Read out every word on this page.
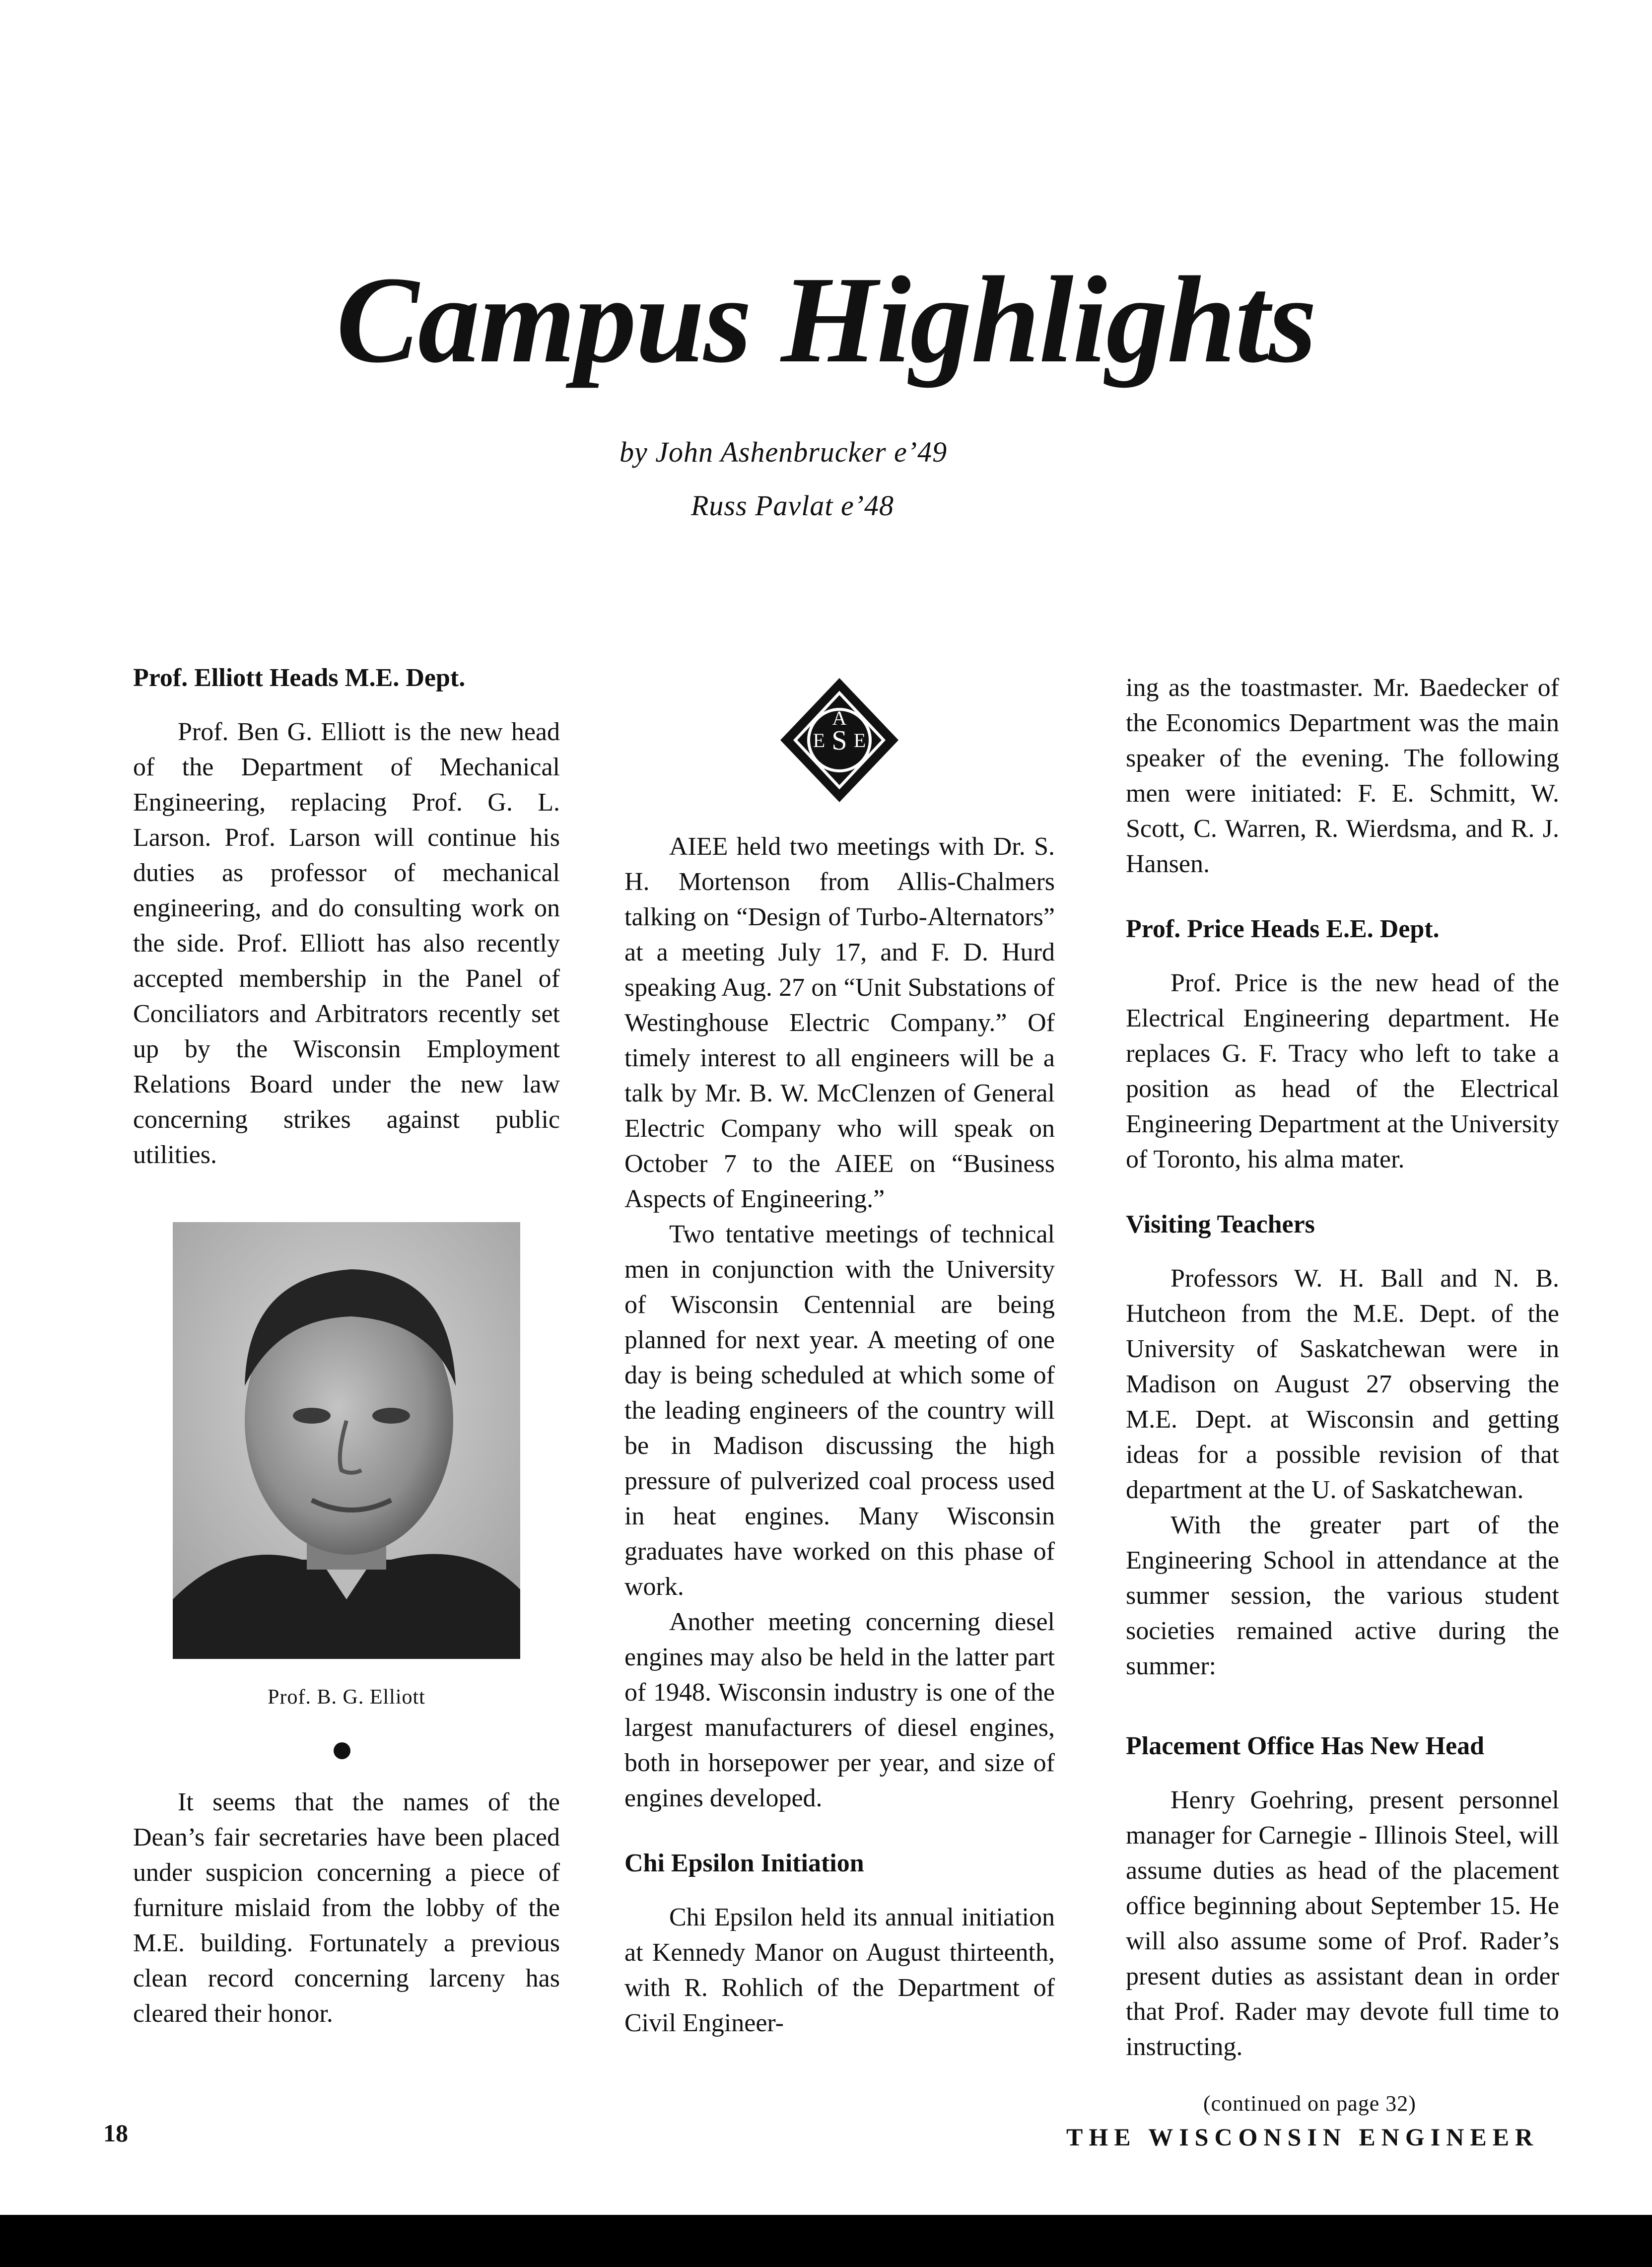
Campus Highlights
by John Ashenbrucker e’49
Russ Pavlat e’48
Prof. Elliott Heads M.E. Dept.

Prof. Ben G. Elliott is the new head of the Department of Mechanical Engineering, replacing Prof. G. L. Larson. Prof. Larson will continue his duties as professor of mechanical engineering, and do consulting work on the side. Prof. Elliott has also recently accepted membership in the Panel of Conciliators and Arbitrators recently set up by the Wisconsin Employment Relations Board under the new law concerning strikes against public utilities.

Prof. B. G. Elliott

It seems that the names of the Dean’s fair secretaries have been placed under suspicion concerning a piece of furniture mislaid from the lobby of the M.E. building. Fortunately a previous clean record concerning larceny has cleared their honor.

A
E S E

AIEE held two meetings with Dr. S. H. Mortenson from Allis-Chalmers talking on “Design of Turbo-Alternators” at a meeting July 17, and F. D. Hurd speaking Aug. 27 on “Unit Substations of Westinghouse Electric Company.” Of timely interest to all engineers will be a talk by Mr. B. W. McClenzen of General Electric Company who will speak on October 7 to the AIEE on “Business Aspects of Engineering.”

Two tentative meetings of technical men in conjunction with the University of Wisconsin Centennial are being planned for next year. A meeting of one day is being scheduled at which some of the leading engineers of the country will be in Madison discussing the high pressure of pulverized coal process used in heat engines. Many Wisconsin graduates have worked on this phase of work.

Another meeting concerning diesel engines may also be held in the latter part of 1948. Wisconsin industry is one of the largest manufacturers of diesel engines, both in horsepower per year, and size of engines developed.

Chi Epsilon Initiation

Chi Epsilon held its annual initiation at Kennedy Manor on August thirteenth, with R. Rohlich of the Department of Civil Engineer-

ing as the toastmaster. Mr. Baedecker of the Economics Department was the main speaker of the evening. The following men were initiated: F. E. Schmitt, W. Scott, C. Warren, R. Wierdsma, and R. J. Hansen.

Prof. Price Heads E.E. Dept.

Prof. Price is the new head of the Electrical Engineering department. He replaces G. F. Tracy who left to take a position as head of the Electrical Engineering Department at the University of Toronto, his alma mater.

Visiting Teachers

Professors W. H. Ball and N. B. Hutcheon from the M.E. Dept. of the University of Saskatchewan were in Madison on August 27 observing the M.E. Dept. at Wisconsin and getting ideas for a possible revision of that department at the U. of Saskatchewan.

With the greater part of the Engineering School in attendance at the summer session, the various student societies remained active during the summer:

Placement Office Has New Head

Henry Goehring, present personnel manager for Carnegie - Illinois Steel, will assume duties as head of the placement office beginning about September 15. He will also assume some of Prof. Rader’s present duties as assistant dean in order that Prof. Rader may devote full time to instructing.

(continued on page 32)
18	THE WISCONSIN ENGINEER
